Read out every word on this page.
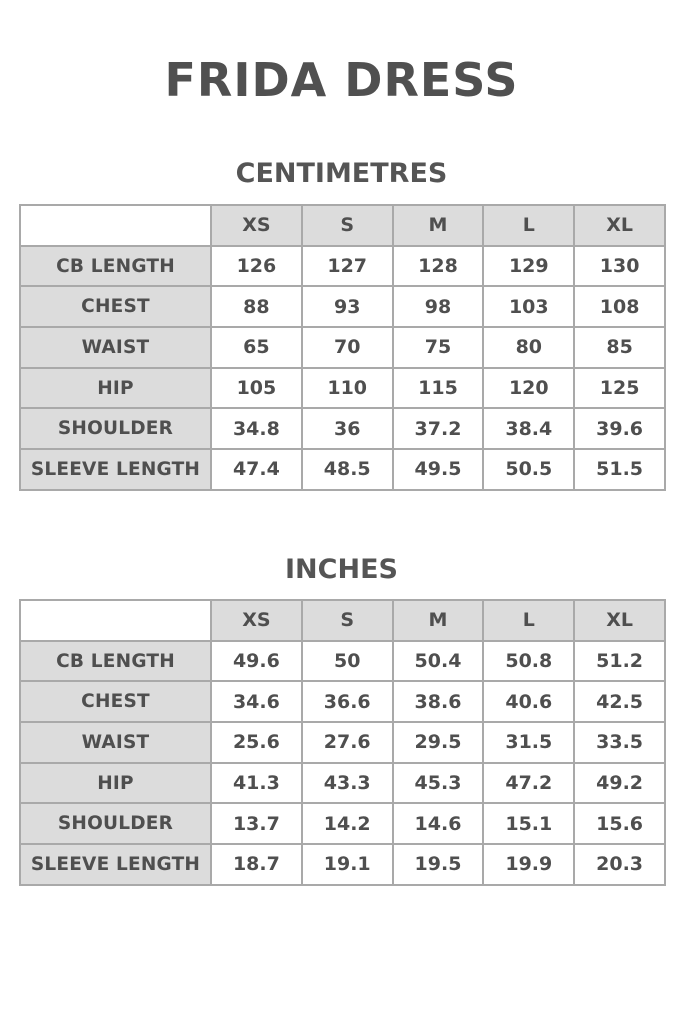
FRIDA DRESS
CENTIMETRES
	XS	S	M	L	XL
CB LENGTH	126	127	128	129	130
CHEST	88	93	98	103	108
WAIST	65	70	75	80	85
HIP	105	110	115	120	125
SHOULDER	34.8	36	37.2	38.4	39.6
SLEEVE LENGTH	47.4	48.5	49.5	50.5	51.5
INCHES
	XS	S	M	L	XL
CB LENGTH	49.6	50	50.4	50.8	51.2
CHEST	34.6	36.6	38.6	40.6	42.5
WAIST	25.6	27.6	29.5	31.5	33.5
HIP	41.3	43.3	45.3	47.2	49.2
SHOULDER	13.7	14.2	14.6	15.1	15.6
SLEEVE LENGTH	18.7	19.1	19.5	19.9	20.3
